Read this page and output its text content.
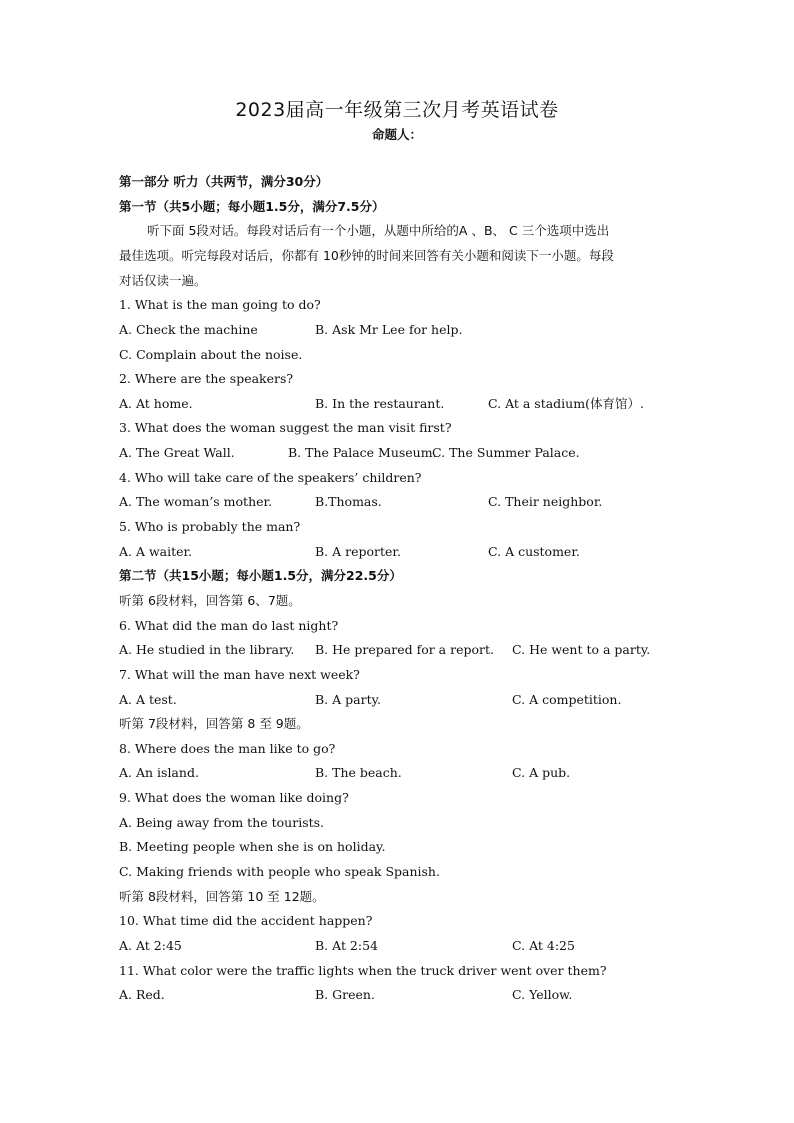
2023届高一年级第三次月考英语试卷
命题人：
第一部分 听力（共两节，满分30分）
第一节（共5小题；每小题1.5分，满分7.5分）
听下面 5段对话。每段对话后有一个小题，从题中所给的A 、B、 C 三个选项中选出
最佳选项。听完每段对话后，你都有 10秒钟的时间来回答有关小题和阅读下一小题。每段
对话仅读一遍。
1. What is the man going to do?
A. Check the machine	B. Ask Mr Lee for help.
C. Complain about the noise.
2. Where are the speakers?
A. At home.	B. In the restaurant.	C. At a stadium(体育馆）.
3. What does the woman suggest the man visit first?
A. The Great Wall.	B. The Palace Museum.
C. The Summer Palace.
4. Who will take care of the speakers’ children?
A. The woman’s mother.	B.Thomas.	C. Their neighbor.
5. Who is probably the man?
A. A waiter.	B. A reporter.	C. A customer.
第二节（共15小题；每小题1.5分，满分22.5分）
听第 6段材料，回答第 6、7题。
6. What did the man do last night?
A. He studied in the library. B. He prepared for a report. C. He went to a party.
7. What will the man have next week?
A. A test.	B. A party.	C. A competition.
听第 7段材料，回答第 8 至 9题。
8. Where does the man like to go?
A. An island.	B. The beach.	C. A pub.
9. What does the woman like doing?
A. Being away from the tourists.
B. Meeting people when she is on holiday.
C. Making friends with people who speak Spanish.
听第 8段材料，回答第 10 至 12题。
10. What time did the accident happen?
A. At 2:45	B. At 2:54	C. At 4:25
11. What color were the traffic lights when the truck driver went over them?
A. Red.	B. Green.	C. Yellow.
